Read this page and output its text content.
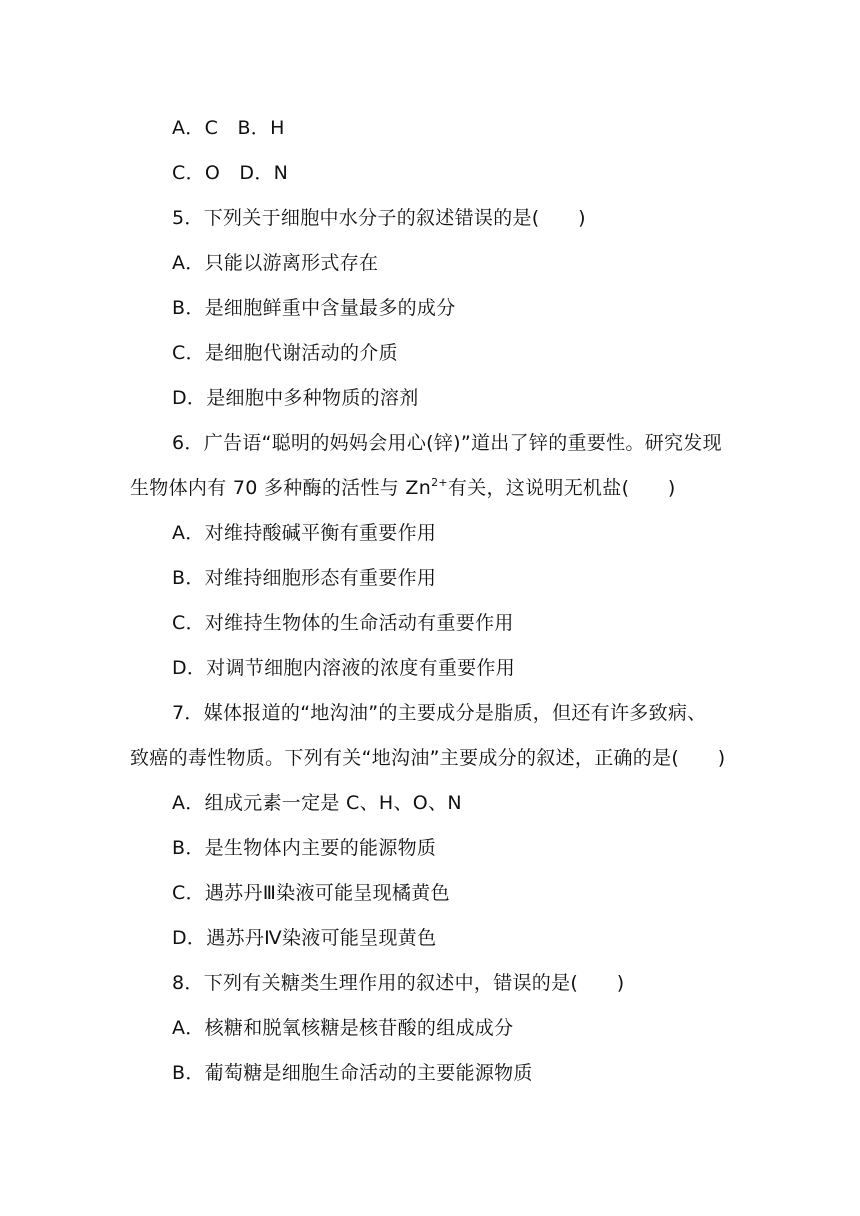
A．C　B．H
C．O　D．N
5．下列关于细胞中水分子的叙述错误的是(　　)
A．只能以游离形式存在
B．是细胞鲜重中含量最多的成分
C．是细胞代谢活动的介质
D．是细胞中多种物质的溶剂
6．广告语“聪明的妈妈会用心(锌)”道出了锌的重要性。研究发现
生物体内有 70 多种酶的活性与 $Zn^{2+}$有关，这说明无机盐(　　)
A．对维持酸碱平衡有重要作用
B．对维持细胞形态有重要作用
C．对维持生物体的生命活动有重要作用
D．对调节细胞内溶液的浓度有重要作用
7．媒体报道的“地沟油”的主要成分是脂质，但还有许多致病、
致癌的毒性物质。下列有关“地沟油”主要成分的叙述，正确的是(　　)
A．组成元素一定是 C、H、O、N
B．是生物体内主要的能源物质
C．遇苏丹Ⅲ染液可能呈现橘黄色
D．遇苏丹Ⅳ染液可能呈现黄色
8．下列有关糖类生理作用的叙述中，错误的是(　　)
A．核糖和脱氧核糖是核苷酸的组成成分
B．葡萄糖是细胞生命活动的主要能源物质
